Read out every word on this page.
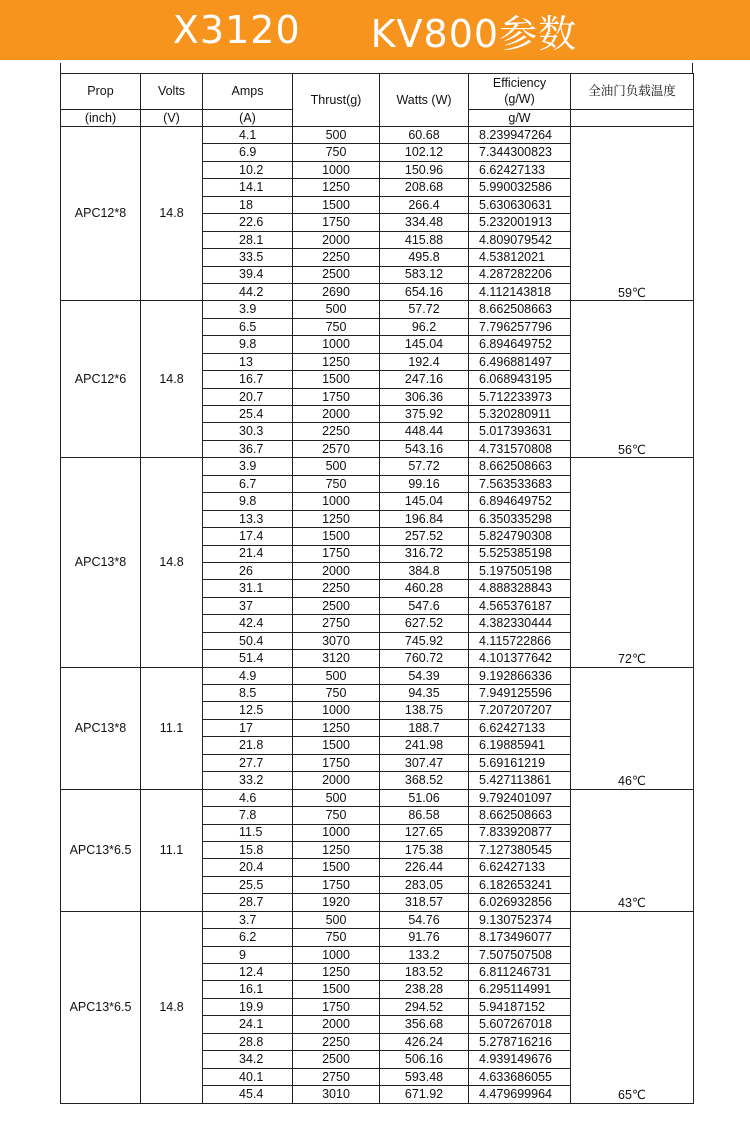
X3120 KV800参数
Prop	Volts	Amps	Thrust(g)	Watts (W)	Efficiency
(g/W)	全油门负载温度
(inch)	(V)	(A)			g/W	
APC12*8	14.8	4.1	500	60.68	8.239947264	59℃
		6.9	750	102.12	7.344300823	
		10.2	1000	150.96	6.62427133	
		14.1	1250	208.68	5.990032586	
		18	1500	266.4	5.630630631	
		22.6	1750	334.48	5.232001913	
		28.1	2000	415.88	4.809079542	
		33.5	2250	495.8	4.53812021	
		39.4	2500	583.12	4.287282206	
		44.2	2690	654.16	4.112143818	
APC12*6	14.8	3.9	500	57.72	8.662508663	56℃
		6.5	750	96.2	7.796257796	
		9.8	1000	145.04	6.894649752	
		13	1250	192.4	6.496881497	
		16.7	1500	247.16	6.068943195	
		20.7	1750	306.36	5.712233973	
		25.4	2000	375.92	5.320280911	
		30.3	2250	448.44	5.017393631	
		36.7	2570	543.16	4.731570808	
APC13*8	14.8	3.9	500	57.72	8.662508663	72℃
		6.7	750	99.16	7.563533683	
		9.8	1000	145.04	6.894649752	
		13.3	1250	196.84	6.350335298	
		17.4	1500	257.52	5.824790308	
		21.4	1750	316.72	5.525385198	
		26	2000	384.8	5.197505198	
		31.1	2250	460.28	4.888328843	
		37	2500	547.6	4.565376187	
		42.4	2750	627.52	4.382330444	
		50.4	3070	745.92	4.115722866	
		51.4	3120	760.72	4.101377642	
APC13*8	11.1	4.9	500	54.39	9.192866336	46℃
		8.5	750	94.35	7.949125596	
		12.5	1000	138.75	7.207207207	
		17	1250	188.7	6.62427133	
		21.8	1500	241.98	6.19885941	
		27.7	1750	307.47	5.69161219	
		33.2	2000	368.52	5.427113861	
APC13*6.5	11.1	4.6	500	51.06	9.792401097	43℃
		7.8	750	86.58	8.662508663	
		11.5	1000	127.65	7.833920877	
		15.8	1250	175.38	7.127380545	
		20.4	1500	226.44	6.62427133	
		25.5	1750	283.05	6.182653241	
		28.7	1920	318.57	6.026932856	
APC13*6.5	14.8	3.7	500	54.76	9.130752374	65℃
		6.2	750	91.76	8.173496077	
		9	1000	133.2	7.507507508	
		12.4	1250	183.52	6.811246731	
		16.1	1500	238.28	6.295114991	
		19.9	1750	294.52	5.94187152	
		24.1	2000	356.68	5.607267018	
		28.8	2250	426.24	5.278716216	
		34.2	2500	506.16	4.939149676	
		40.1	2750	593.48	4.633686055	
		45.4	3010	671.92	4.479699964	
